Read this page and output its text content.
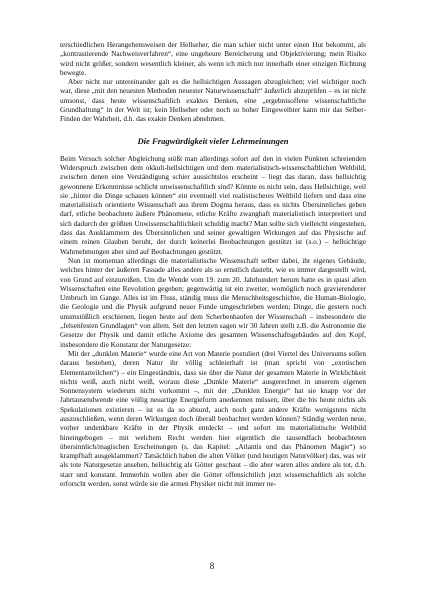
terschiedlichen Herangehensweisen der Hellseher, die man schier nicht unter einen Hut bekommt, als „kontrastierende Nachweisverfahren“, eine ungeheure Bereicherung und Objektivierung; mein Risiko wird nicht größer, sondern wesentlich kleiner, als wenn ich mich nur innerhalb einer einzigen Richtung bewegte.

Aber nicht nur untereinander galt es die hellsichtigen Aussagen abzugleichen; viel wichtiger noch war, diese „mit den neuesten Methoden neuester Naturwissenschaft“ äußerlich abzuprüfen – es ist nicht umsonst, dass heute wissenschaftlich exaktes Denken, eine „ergebnisoffene wissenschaftliche Grundhaltung“ in der Welt ist; kein Hellseher oder noch so hoher Eingeweihter kann mir das Selber-Finden der Wahrheit, d.h. das exakte Denken abnehmen.

Die Fragwürdigkeit vieler Lehrmeinungen

Beim Versuch solcher Abgleichung stößt man allerdings sofort auf den in vielen Punkten schreienden Widerspruch zwischen dem okkult-hellsichtigen und dem materialistisch-wissenschaftlichen Weltbild, zwischen denen eine Verständigung schier aussichtslos erscheint – liegt das daran, dass hellsichtig gewonnene Erkenntnisse schlicht unwissenschaftlich sind? Könnte es nicht sein, dass Hellsichtige, weil sie „hinter die Dinge schauen können“ ein eventuell viel realistischeres Weltbild liefern und dass eine materialistisch orientierte Wissenschaft aus ihrem Dogma heraus, dass es nichts Übersinnliches geben darf, etliche beobachtete äußere Phänomene, etliche Kräfte zwanghaft materialistisch interpretiert und sich dadurch der größten Unwissenschaftlichkeit schuldig macht? Man sollte sich vielleicht eingestehen, dass das Ausklammern des Übersinnlichen und seiner gewaltigen Wirkungen auf das Physische auf einem reinen Glauben beruht, der durch keinerlei Beobachtungen gestützt ist (s.o.) – hellsichtige Wahrnehmungen aber sind auf Beobachtungen gestützt.

Nun ist momentan allerdings die materialistische Wissenschaft selber dabei, ihr eigenes Gebäude, welches hinter der äußeren Fassade alles andere als so ernstlich dasteht, wie es immer dargestellt wird, von Grund auf einzureißen. Um die Wende vom 19. zum 20. Jahrhundert herum hatte es in quasi allen Wissenschaften eine Revolution gegeben; gegenwärtig ist ein zweiter, womöglich noch gravierenderer Umbruch im Gange. Alles ist im Fluss, ständig muss die Menschheitsgeschichte, die Human-Biologie, die Geologie und die Physik aufgrund neuer Funde umgeschrieben werden; Dinge, die gestern noch unumstößlich erschienen, liegen heute auf dem Scherbenhaufen der Wissenschaft – insbesondere die „felsenfesten Grundlagen“ von allem. Seit den letzten sagen wir 30 Jahren stellt z.B. die Astronomie die Gesetze der Physik und damit etliche Axiome des gesamten Wissenschaftsgebäudes auf den Kopf, insbesondere die Konstanz der Naturgesetze:

Mit der „dunklen Materie“ wurde eine Art von Materie postuliert (drei Viertel des Universums sollen daraus bestehen), deren Natur ihr völlig schleierhaft ist (man spricht von „exotischen Elementarteilchen“) – ein Eingeständnis, dass sie über die Natur der gesamten Materie in Wirklichkeit nichts weiß, auch nicht weiß, woraus diese „Dunkle Materie“ ausgerechnet in unserem eigenen Sonnensystem wiederum nicht vorkommt –, mit der „Dunklen Energie“ hat sie knapp vor der Jahrtausendwende eine völlig neuartige Energieform anerkennen müssen, über die bis heute nichts als Spekulationen existieren – ist es da so absurd, auch noch ganz andere Kräfte wenigstens nicht auszuschließen, wenn deren Wirkungen doch überall beobachtet werden können? Ständig werden neue, vorher undenkbare Kräfte in der Physik entdeckt – und sofort ins materialistische Weltbild hineingebogen – mit welchem Recht werden hier eigentlich die tausendfach beobachteten übersinnlich/magischen Erscheinungen (s. das Kapitel: „Atlantis und das Phänomen Magie“) so krampfhaft ausgeklammert? Tatsächlich haben die alten Völker (und heutigen Naturvölker) das, was wir als tote Naturgesetze ansehen, hellsichtig als Götter geschaut – die aber waren alles andere als tot, d.h. starr und konstant. Immerhin wollen aber die Götter offensichtlich jetzt wissenschaftlich als solche erforscht werden, sonst würde sie die armen Physiker nicht mit immer ne-

8
